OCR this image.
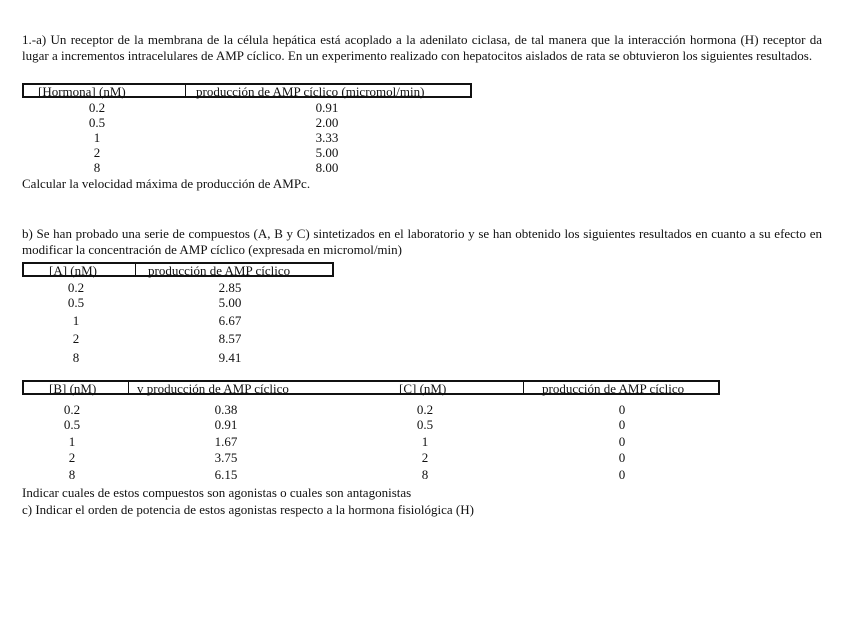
1.-a) Un receptor de la membrana de la célula hepática está acoplado a la adenilato ciclasa, de tal manera que la interacción hormona (H) receptor da lugar a incrementos intracelulares de AMP cíclico. En un experimento realizado con hepatocitos aislados de rata se obtuvieron los siguientes resultados.
[Hormona] (nM)	producción de AMP cíclico (micromol/min)
0.2	0.91
0.5	2.00
1	3.33
2	5.00
8	8.00
Calcular la velocidad máxima de producción de AMPc.
b) Se han probado una serie de compuestos (A, B y C) sintetizados en el laboratorio y se han obtenido los siguientes resultados en cuanto a su efecto en modificar la concentración de AMP cíclico (expresada en micromol/min)
[A] (nM)	producción de AMP cíclico
0.2	2.85
0.5	5.00
1	6.67
2	8.57
8	9.41
[B] (nM)	v producción de AMP cíclico	[C] (nM)	producción de AMP cíclico
0.2	0.38	0.2	0
0.5	0.91	0.5	0
1	1.67	1	0
2	3.75	2	0
8	6.15	8	0
Indicar cuales de estos compuestos son agonistas o cuales son antagonistas
c) Indicar el orden de potencia de estos agonistas respecto a la hormona fisiológica (H)
